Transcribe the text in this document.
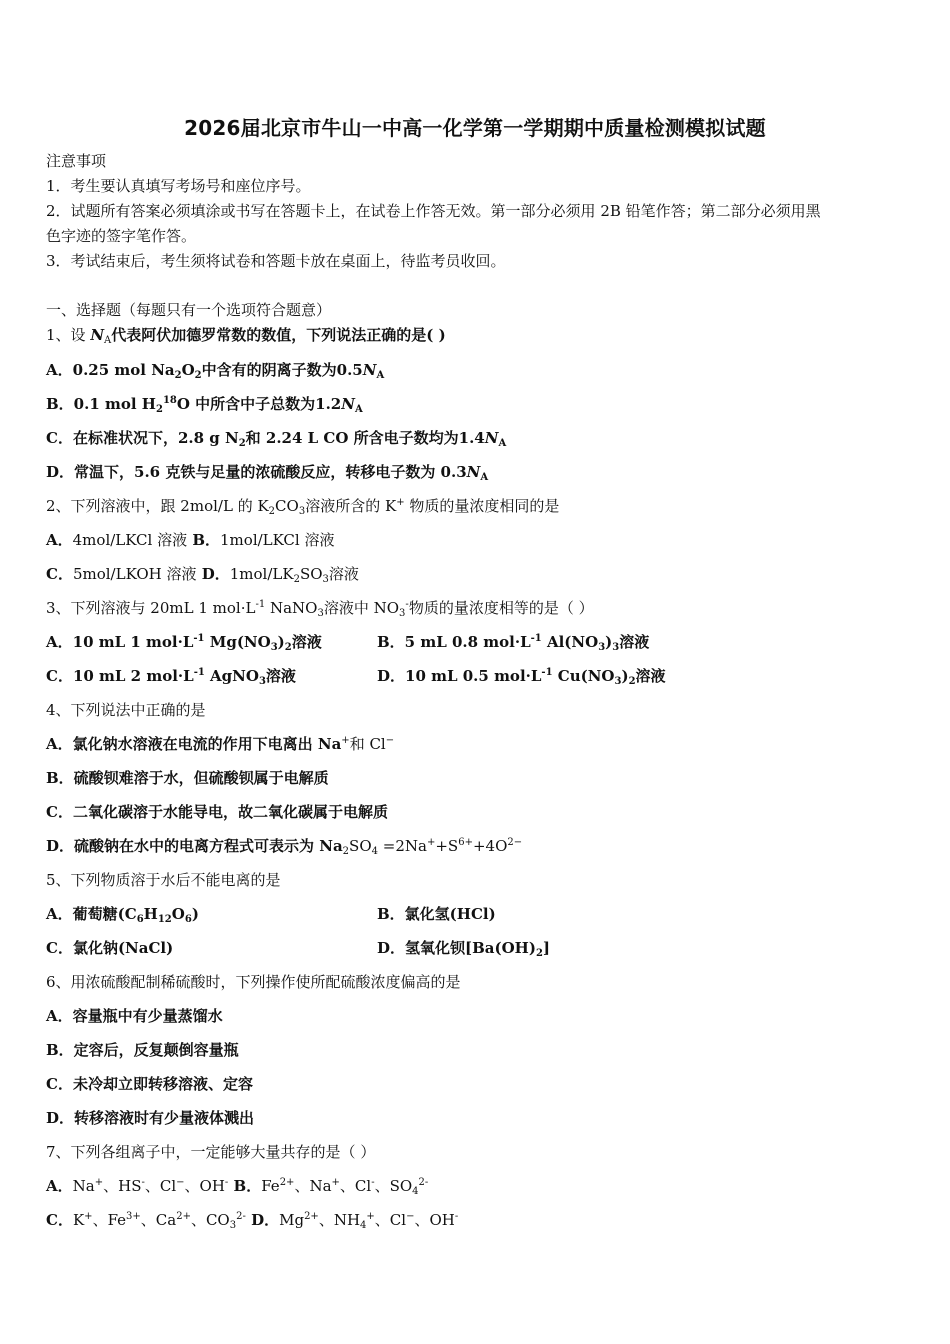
2026届北京市牛山一中高一化学第一学期期中质量检测模拟试题
注意事项
1．考生要认真填写考场号和座位序号。
2．试题所有答案必须填涂或书写在答题卡上，在试卷上作答无效。第一部分必须用 2B 铅笔作答；第二部分必须用黑
色字迹的签字笔作答。
3．考试结束后，考生须将试卷和答题卡放在桌面上，待监考员收回。
一、选择题（每题只有一个选项符合题意）
1、设 $N_A$代表阿伏加德罗常数的数值，下列说法正确的是( )
A．0.25 mol $Na_2O_2$中含有的阴离子数为$0.5N_A$
B．0.1 mol $H_2^{18}O$ 中所含中子总数为$1.2N_A$
C．在标准状况下，2.8 g $N_2$和 2.24 L CO 所含电子数均为$1.4N_A$
D．常温下，5.6 克铁与足量的浓硫酸反应，转移电子数为 $0.3N_A$
2、下列溶液中，跟 2mol/L 的 $K_2CO_3$溶液所含的 K+ 物质的量浓度相同的是
A．4mol/LKCl 溶液 B．1mol/LKCl 溶液
C．5mol/LKOH 溶液 D．$1mol/LK_2SO_3$溶液
3、下列溶液与 20mL 1 $mol\cdot L^{-1}$ NaNO$_3$溶液中 $NO_3^-$物质的量浓度相等的是（ ）
A．10 mL 1 $mol\cdot L^{-1}$ $Mg(NO_3)_2$溶液	B．5 mL 0.8 $mol\cdot L^{-1}$ $Al(NO_3)_3$溶液
C．10 mL 2 $mol\cdot L^{-1}$ AgNO$_3$溶液	D．10 mL 0.5 $mol\cdot L^{-1}$ $Cu(NO_3)_2$溶液
4、下列说法中正确的是
A．氯化钠水溶液在电流的作用下电离出 Na+和 Cl−
B．硫酸钡难溶于水，但硫酸钡属于电解质
C．二氧化碳溶于水能导电，故二氧化碳属于电解质
D．硫酸钠在水中的电离方程式可表示为 $Na_2SO_4 =2Na^++S^{6+}+4O^{2-}$
5、下列物质溶于水后不能电离的是
A．葡萄糖$(C_6H_{12}O_6)$	B．氯化氢(HCl)
C．氯化钠(NaCl)	D．氢氧化钡$[Ba(OH)_2]$
6、用浓硫酸配制稀硫酸时，下列操作使所配硫酸浓度偏高的是
A．容量瓶中有少量蒸馏水
B．定容后，反复颠倒容量瓶
C．未冷却立即转移溶液、定容
D．转移溶液时有少量液体溅出
7、下列各组离子中，一定能够大量共存的是（ ）
A．Na+、HS-、Cl−、OH- B．$Fe^{2+}$、Na+、Cl-、$SO_4^{2-}$
C．K+、$Fe^{3+}$、$Ca^{2+}$、$CO_3^{2-}$ D．$Mg^{2+}$、$NH_4^+$、Cl−、OH-
